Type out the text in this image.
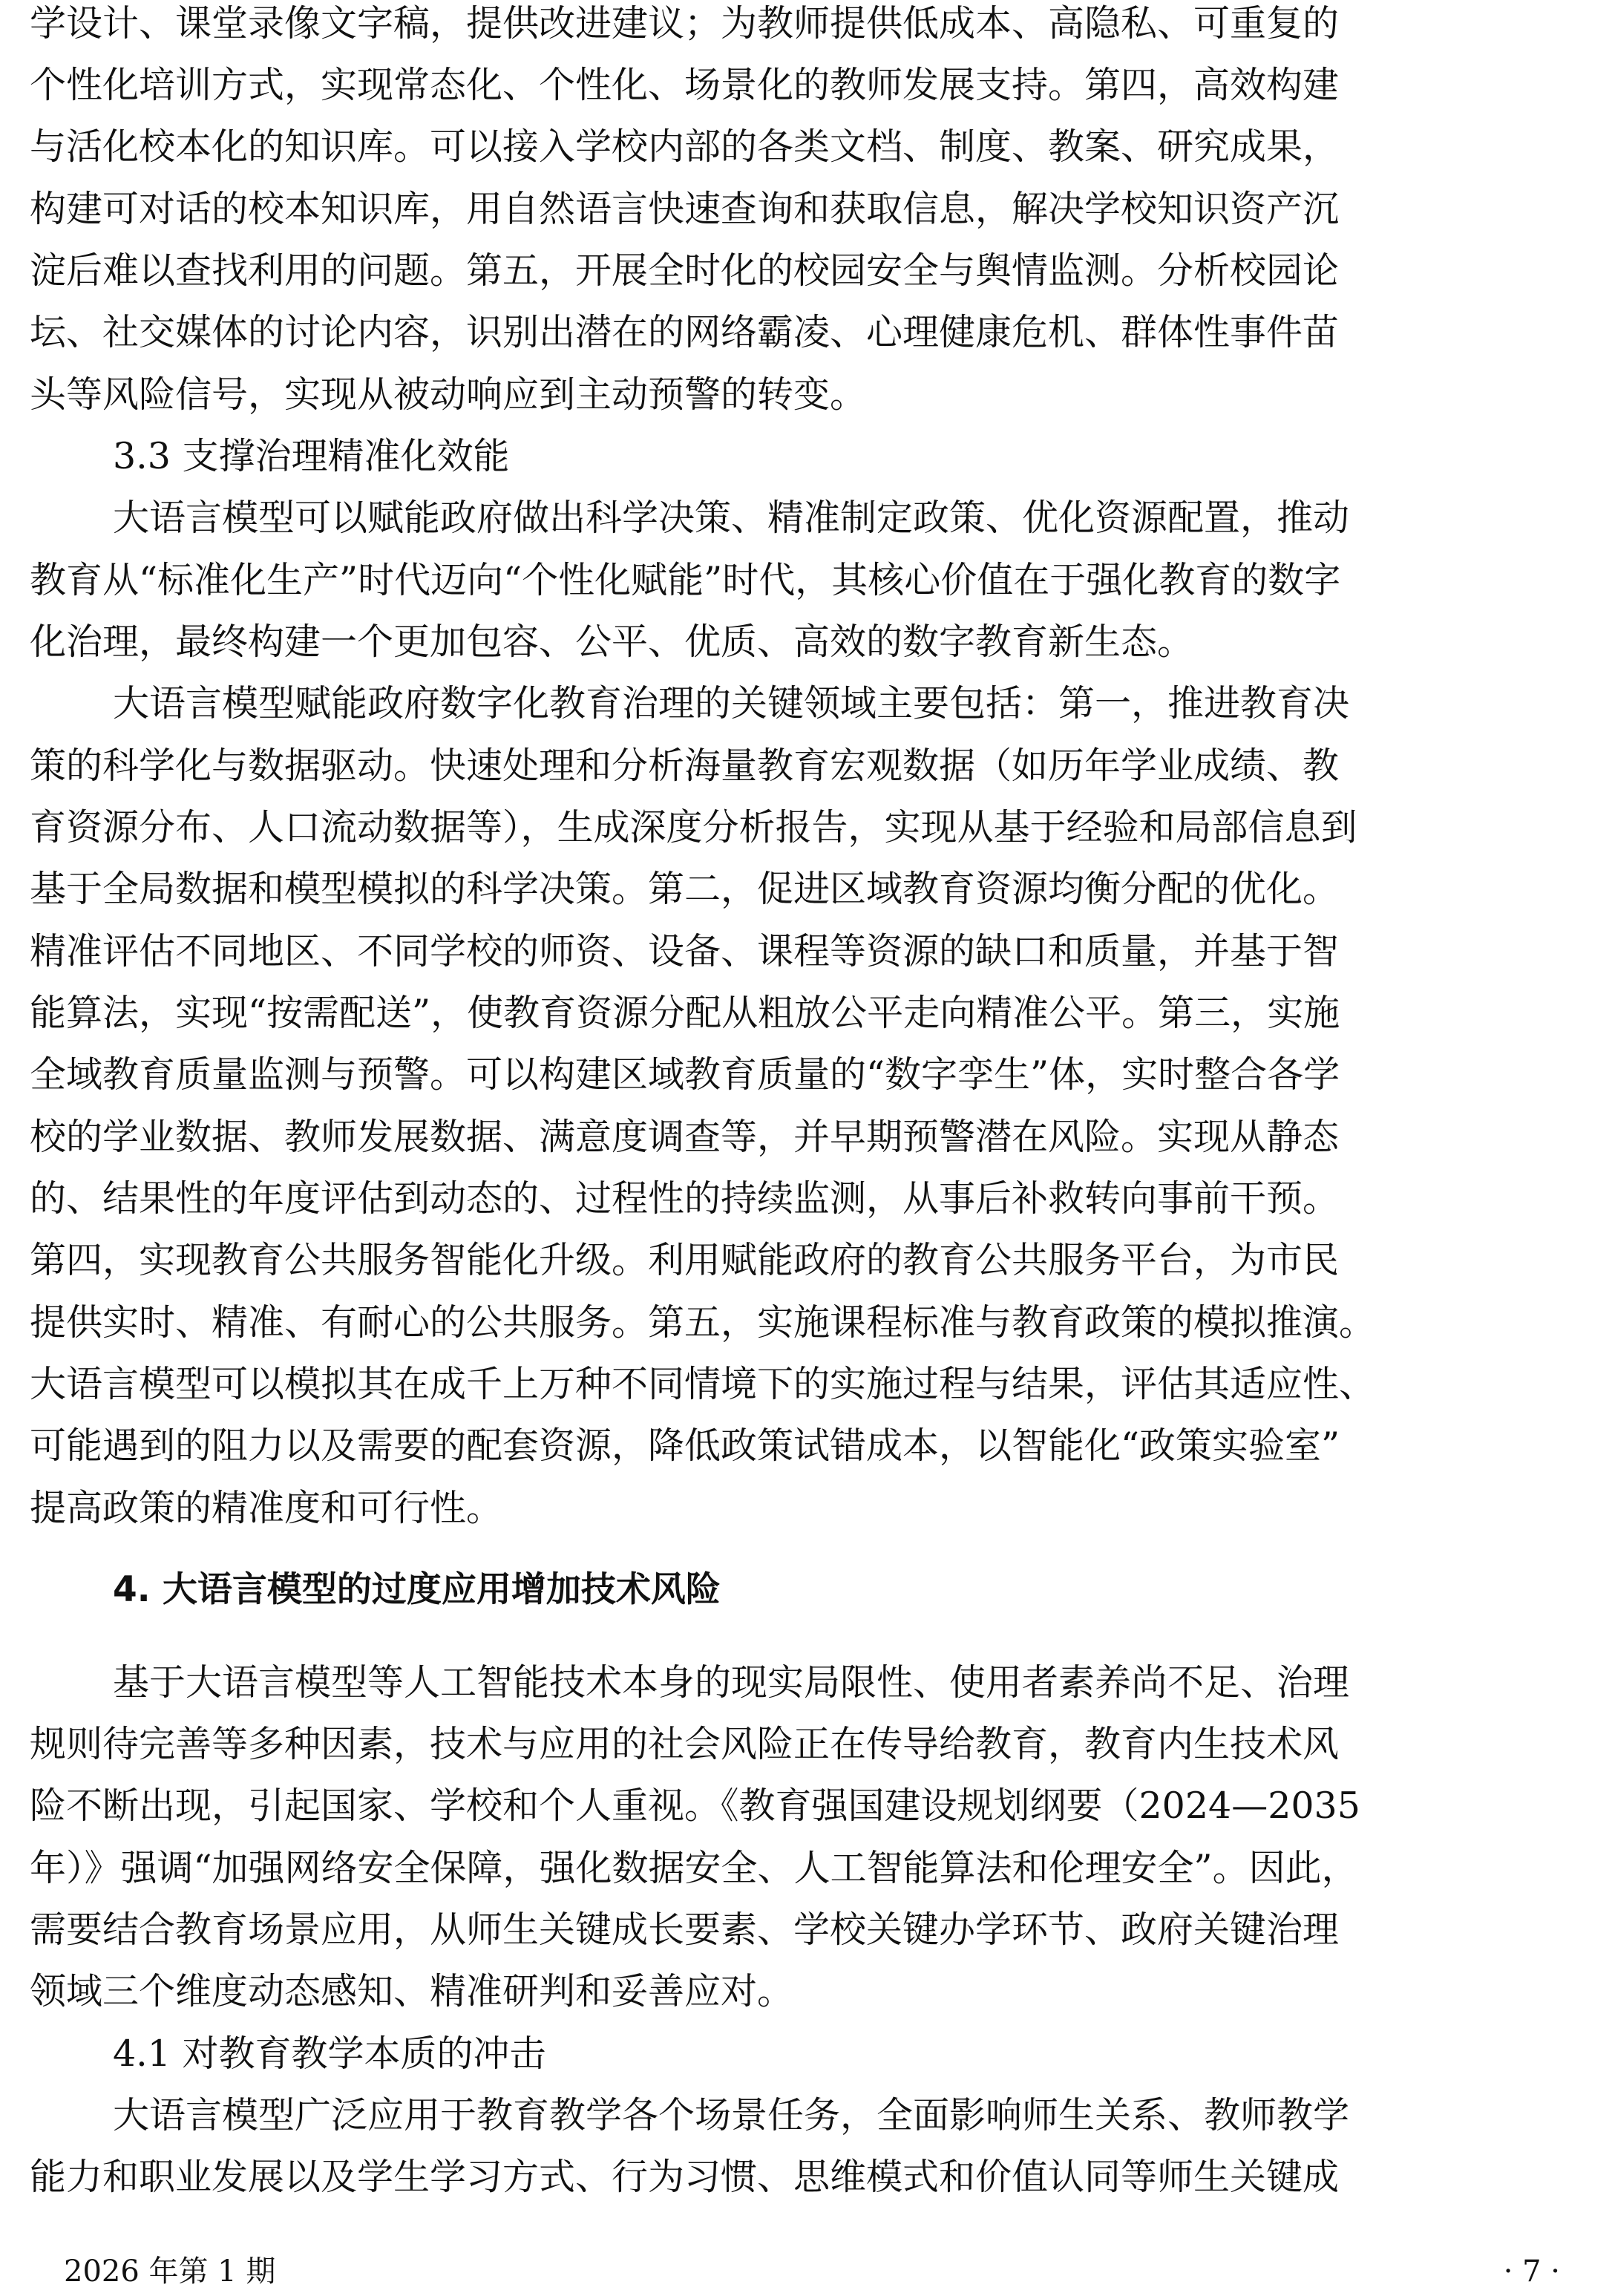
学设计、课堂录像文字稿，提供改进建议；为教师提供低成本、高隐私、可重复的
个性化培训方式，实现常态化、个性化、场景化的教师发展支持。第四，高效构建
与活化校本化的知识库。可以接入学校内部的各类文档、制度、教案、研究成果，
构建可对话的校本知识库，用自然语言快速查询和获取信息，解决学校知识资产沉
淀后难以查找利用的问题。第五，开展全时化的校园安全与舆情监测。分析校园论
坛、社交媒体的讨论内容，识别出潜在的网络霸凌、心理健康危机、群体性事件苗
头等风险信号，实现从被动响应到主动预警的转变。
3.3 支撑治理精准化效能
大语言模型可以赋能政府做出科学决策、精准制定政策、优化资源配置，推动
教育从“标准化生产”时代迈向“个性化赋能”时代，其核心价值在于强化教育的数字
化治理，最终构建一个更加包容、公平、优质、高效的数字教育新生态。
大语言模型赋能政府数字化教育治理的关键领域主要包括：第一，推进教育决
策的科学化与数据驱动。快速处理和分析海量教育宏观数据（如历年学业成绩、教
育资源分布、人口流动数据等），生成深度分析报告，实现从基于经验和局部信息到
基于全局数据和模型模拟的科学决策。第二，促进区域教育资源均衡分配的优化。
精准评估不同地区、不同学校的师资、设备、课程等资源的缺口和质量，并基于智
能算法，实现“按需配送”，使教育资源分配从粗放公平走向精准公平。第三，实施
全域教育质量监测与预警。可以构建区域教育质量的“数字孪生”体，实时整合各学
校的学业数据、教师发展数据、满意度调查等，并早期预警潜在风险。实现从静态
的、结果性的年度评估到动态的、过程性的持续监测，从事后补救转向事前干预。
第四，实现教育公共服务智能化升级。利用赋能政府的教育公共服务平台，为市民
提供实时、精准、有耐心的公共服务。第五，实施课程标准与教育政策的模拟推演。
大语言模型可以模拟其在成千上万种不同情境下的实施过程与结果，评估其适应性、
可能遇到的阻力以及需要的配套资源，降低政策试错成本，以智能化“政策实验室”
提高政策的精准度和可行性。
4. 大语言模型的过度应用增加技术风险
基于大语言模型等人工智能技术本身的现实局限性、使用者素养尚不足、治理
规则待完善等多种因素，技术与应用的社会风险正在传导给教育，教育内生技术风
险不断出现，引起国家、学校和个人重视。《教育强国建设规划纲要（2024—2035
年）》强调“加强网络安全保障，强化数据安全、人工智能算法和伦理安全”。因此，
需要结合教育场景应用，从师生关键成长要素、学校关键办学环节、政府关键治理
领域三个维度动态感知、精准研判和妥善应对。
4.1 对教育教学本质的冲击
大语言模型广泛应用于教育教学各个场景任务，全面影响师生关系、教师教学
能力和职业发展以及学生学习方式、行为习惯、思维模式和价值认同等师生关键成
2026 年第 1 期	· 7 ·
